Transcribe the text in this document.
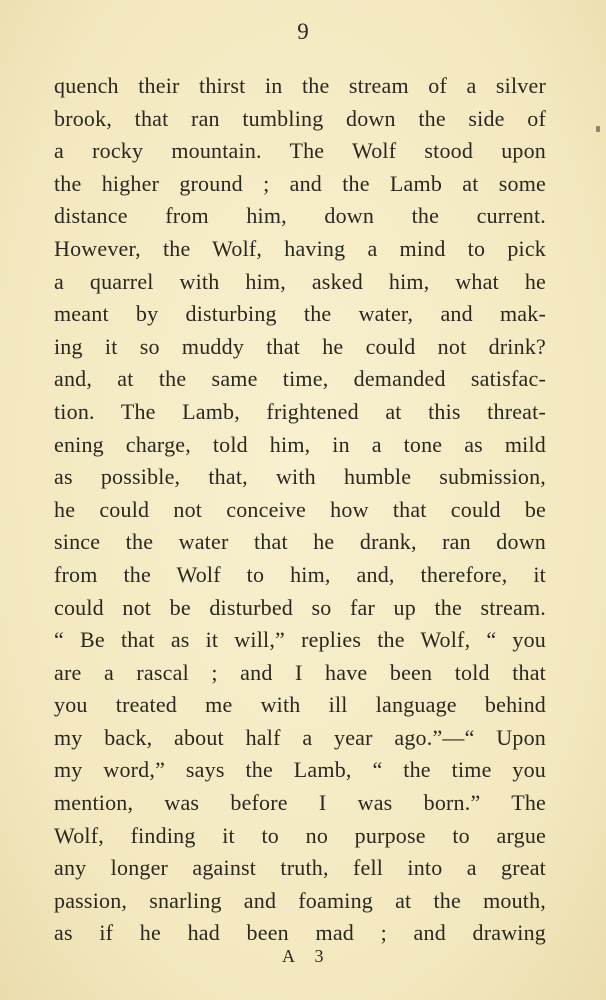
9
quench their thirst in the stream of a silver
brook, that ran tumbling down the side of
a rocky mountain. The Wolf stood upon
the higher ground ; and the Lamb at some
distance from him, down the current.
However, the Wolf, having a mind to pick
a quarrel with him, asked him, what he
meant by disturbing the water, and mak-
ing it so muddy that he could not drink?
and, at the same time, demanded satisfac-
tion. The Lamb, frightened at this threat-
ening charge, told him, in a tone as mild
as possible, that, with humble submission,
he could not conceive how that could be
since the water that he drank, ran down
from the Wolf to him, and, therefore, it
could not be disturbed so far up the stream.
“ Be that as it will,” replies the Wolf, “ you
are a rascal ; and I have been told that
you treated me with ill language behind
my back, about half a year ago.”—“ Upon
my word,” says the Lamb, “ the time you
mention, was before I was born.” The
Wolf, finding it to no purpose to argue
any longer against truth, fell into a great
passion, snarling and foaming at the mouth,
as if he had been mad ; and drawing
A 3
